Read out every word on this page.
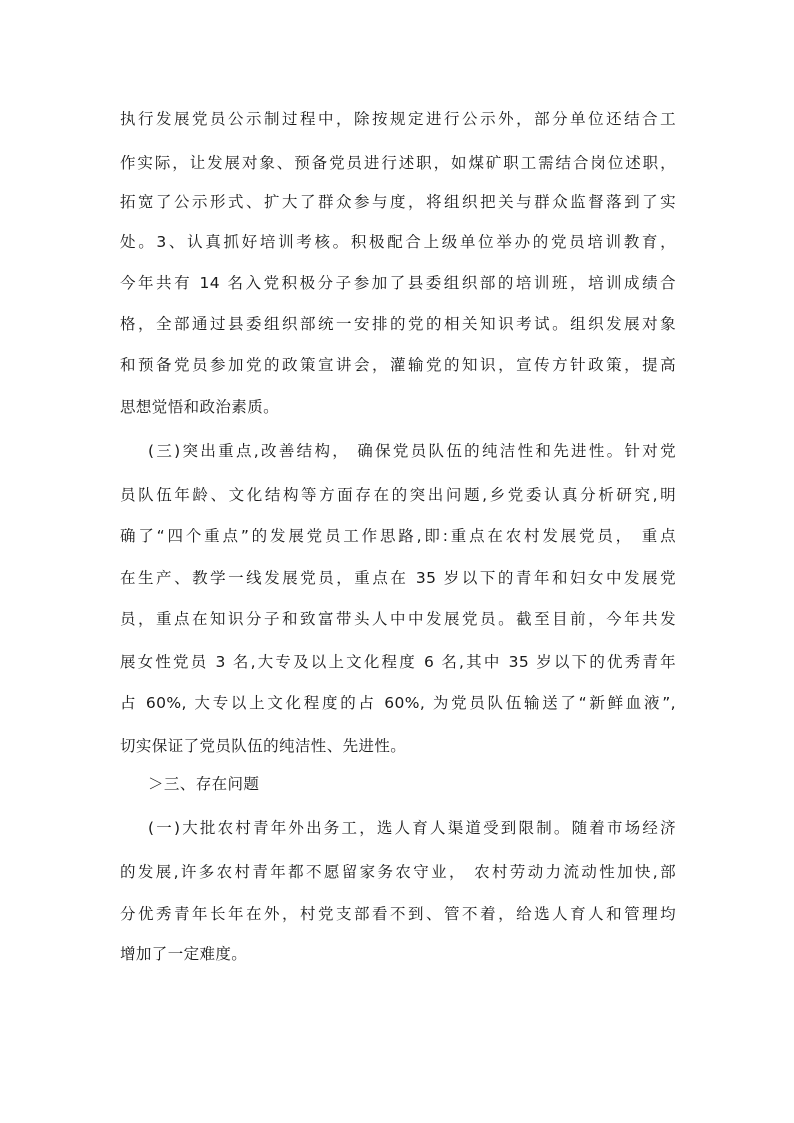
执行发展党员公示制过程中，除按规定进行公示外，部分单位还结合工

作实际，让发展对象、预备党员进行述职，如煤矿职工需结合岗位述职，

拓宽了公示形式、扩大了群众参与度，将组织把关与群众监督落到了实

处。3、认真抓好培训考核。积极配合上级单位举办的党员培训教育，

今年共有 14 名入党积极分子参加了县委组织部的培训班，培训成绩合

格，全部通过县委组织部统一安排的党的相关知识考试。组织发展对象

和预备党员参加党的政策宣讲会，灌输党的知识，宣传方针政策，提高

思想觉悟和政治素质。

(三)突出重点,改善结构， 确保党员队伍的纯洁性和先进性。针对党

员队伍年龄、文化结构等方面存在的突出问题,乡党委认真分析研究,明

确了“四个重点”的发展党员工作思路,即:重点在农村发展党员， 重点

在生产、教学一线发展党员，重点在 35 岁以下的青年和妇女中发展党

员，重点在知识分子和致富带头人中中发展党员。截至目前，今年共发

展女性党员 3 名,大专及以上文化程度 6 名,其中 35 岁以下的优秀青年

占 60%, 大专以上文化程度的占 60%, 为党员队伍输送了“新鲜血液”,

切实保证了党员队伍的纯洁性、先进性。

＞三、存在问题

(一)大批农村青年外出务工，选人育人渠道受到限制。随着市场经济

的发展,许多农村青年都不愿留家务农守业， 农村劳动力流动性加快,部

分优秀青年长年在外，村党支部看不到、管不着，给选人育人和管理均

增加了一定难度。
